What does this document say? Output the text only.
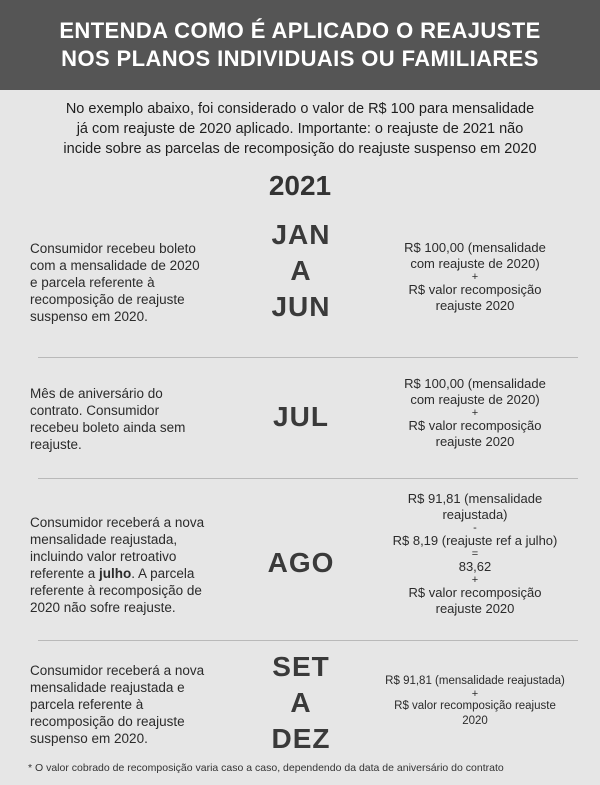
ENTENDA COMO É APLICADO O REAJUSTE
NOS PLANOS INDIVIDUAIS OU FAMILIARES
No exemplo abaixo, foi considerado o valor de R$ 100 para mensalidade
já com reajuste de 2020 aplicado. Importante: o reajuste de 2021 não
incide sobre as parcelas de recomposição do reajuste suspenso em 2020
2021
Consumidor recebeu boleto
com a mensalidade de 2020
e parcela referente à
recomposição de reajuste
suspenso em 2020.
JAN
A
JUN
R$ 100,00 (mensalidade
com reajuste de 2020)
+
R$ valor recomposição
reajuste 2020
Mês de aniversário do
contrato. Consumidor
recebeu boleto ainda sem
reajuste.
JUL
R$ 100,00 (mensalidade
com reajuste de 2020)
+
R$ valor recomposição
reajuste 2020
Consumidor receberá a nova
mensalidade reajustada,
incluindo valor retroativo
referente a julho. A parcela
referente à recomposição de
2020 não sofre reajuste.
AGO
R$ 91,81 (mensalidade
reajustada)
-
R$ 8,19 (reajuste ref a julho)
=
83,62
+
R$ valor recomposição
reajuste 2020
Consumidor receberá a nova
mensalidade reajustada e
parcela referente à
recomposição do reajuste
suspenso em 2020.
SET
A
DEZ
R$ 91,81 (mensalidade reajustada)
+
R$ valor recomposição reajuste
2020
* O valor cobrado de recomposição varia caso a caso, dependendo da data de aniversário do contrato
